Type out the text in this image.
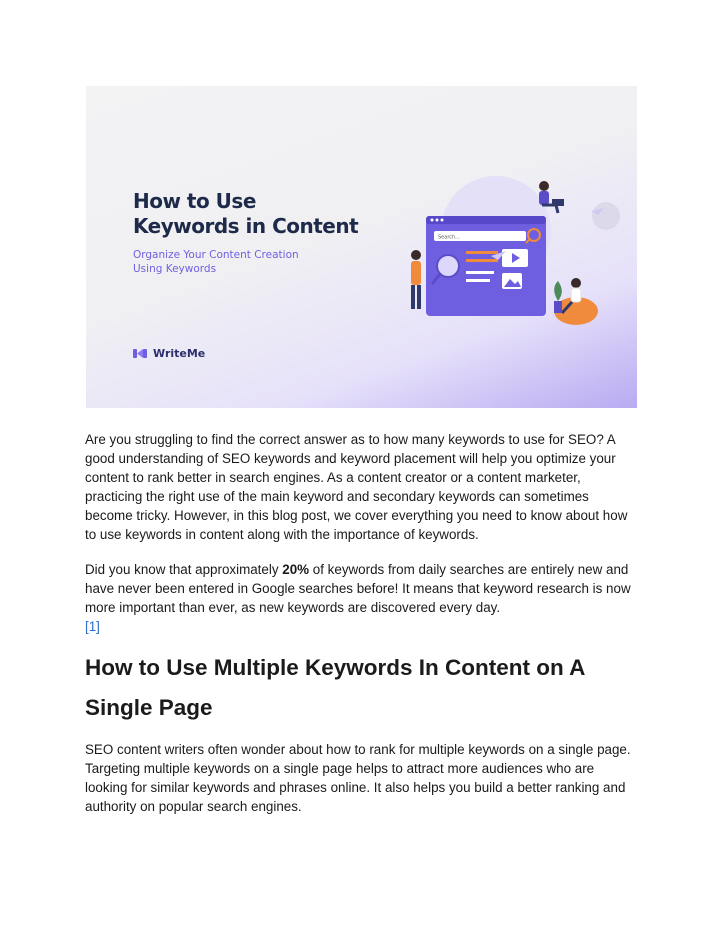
How to Use
Keywords in Content
Organize Your Content Creation
Using Keywords
WriteMe
Search...

Are you struggling to find the correct answer as to how many keywords to use for SEO? A good understanding of SEO keywords and keyword placement will help you optimize your content to rank better in search engines. As a content creator or a content marketer, practicing the right use of the main keyword and secondary keywords can sometimes become tricky. However, in this blog post, we cover everything you need to know about how to use keywords in content along with the importance of keywords.

Did you know that approximately 20% of keywords from daily searches are entirely new and have never been entered in Google searches before! It means that keyword research is now more important than ever, as new keywords are discovered every day.
[1]

How to Use Multiple Keywords In Content on A Single Page

SEO content writers often wonder about how to rank for multiple keywords on a single page. Targeting multiple keywords on a single page helps to attract more audiences who are looking for similar keywords and phrases online. It also helps you build a better ranking and authority on popular search engines.
